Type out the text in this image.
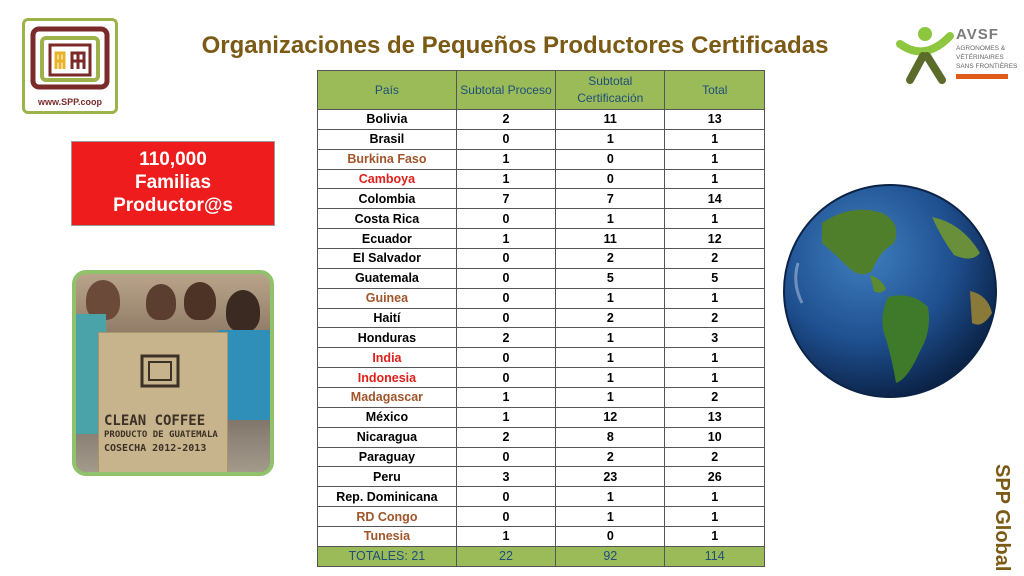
www.SPP.coop
Organizaciones de Pequeños Productores Certificadas	AVSF
AGRONOMES &
VÉTÉRINAIRES
SANS FRONTIÈRES
110,000
Familias
Productor@s
CLEAN COFFEE
PRODUCTO DE GUATEMALA
COSECHA 2012-2013
País	Subtotal Proceso	Subtotal Certificación	Total
Bolivia	2	11	13
Brasil	0	1	1
Burkina Faso	1	0	1
Camboya	1	0	1
Colombia	7	7	14
Costa Rica	0	1	1
Ecuador	1	11	12
El Salvador	0	2	2
Guatemala	0	5	5
Guinea	0	1	1
Haití	0	2	2
Honduras	2	1	3
India	0	1	1
Indonesia	0	1	1
Madagascar	1	1	2
México	1	12	13
Nicaragua	2	8	10
Paraguay	0	2	2
Peru	3	23	26
Rep. Dominicana	0	1	1
RD Congo	0	1	1
Tunesia	1	0	1
TOTALES: 21	22	92	114	SPP Global
